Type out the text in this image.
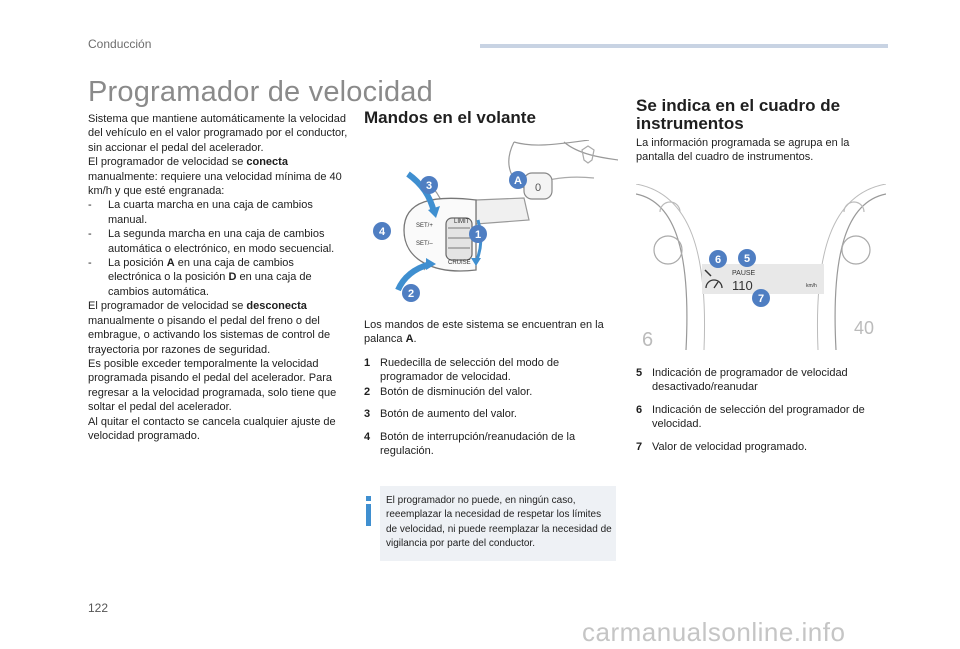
Conducción
Programador de velocidad

Sistema que mantiene automáticamente la velocidad del vehículo en el valor programado por el conductor, sin accionar el pedal del acelerador.

El programador de velocidad se conecta manualmente: requiere una velocidad mínima de 40 km/h y que esté engranada:

-	La cuarta marcha en una caja de cambios manual.
-	La segunda marcha en una caja de cambios automática o electrónico, en modo secuencial.
-	La posición A en una caja de cambios electrónica o la posición D en una caja de cambios automática.

El programador de velocidad se desconecta manualmente o pisando el pedal del freno o del embrague, o activando los sistemas de control de trayectoria por razones de seguridad.

Es posible exceder temporalmente la velocidad programada pisando el pedal del acelerador. Para regresar a la velocidad programada, solo tiene que soltar el pedal del acelerador.

Al quitar el contacto se cancela cualquier ajuste de velocidad programado.

Mandos en el volante
0
SET/+
SET/–
LIMIT
CRUISE
3	A
4	1
2
Los mandos de este sistema se encuentran en la palanca A.
1 Ruedecilla de selección del modo de programador de velocidad.
2 Botón de disminución del valor.
3 Botón de aumento del valor.
4 Botón de interrupción/reanudación de la regulación.
El programador no puede, en ningún caso, reeemplazar la necesidad de respetar los límites de velocidad, ni puede reemplazar la necesidad de vigilancia por parte del conductor.
Se indica en el cuadro de instrumentos
La información programada se agrupa en la pantalla del cuadro de instrumentos.
6
40
PAUSE
110	km/h
6 5
7
5 Indicación de programador de velocidad desactivado/reanudar
6 Indicación de selección del programador de velocidad.
7 Valor de velocidad programado.
122
carmanualsonline.info
